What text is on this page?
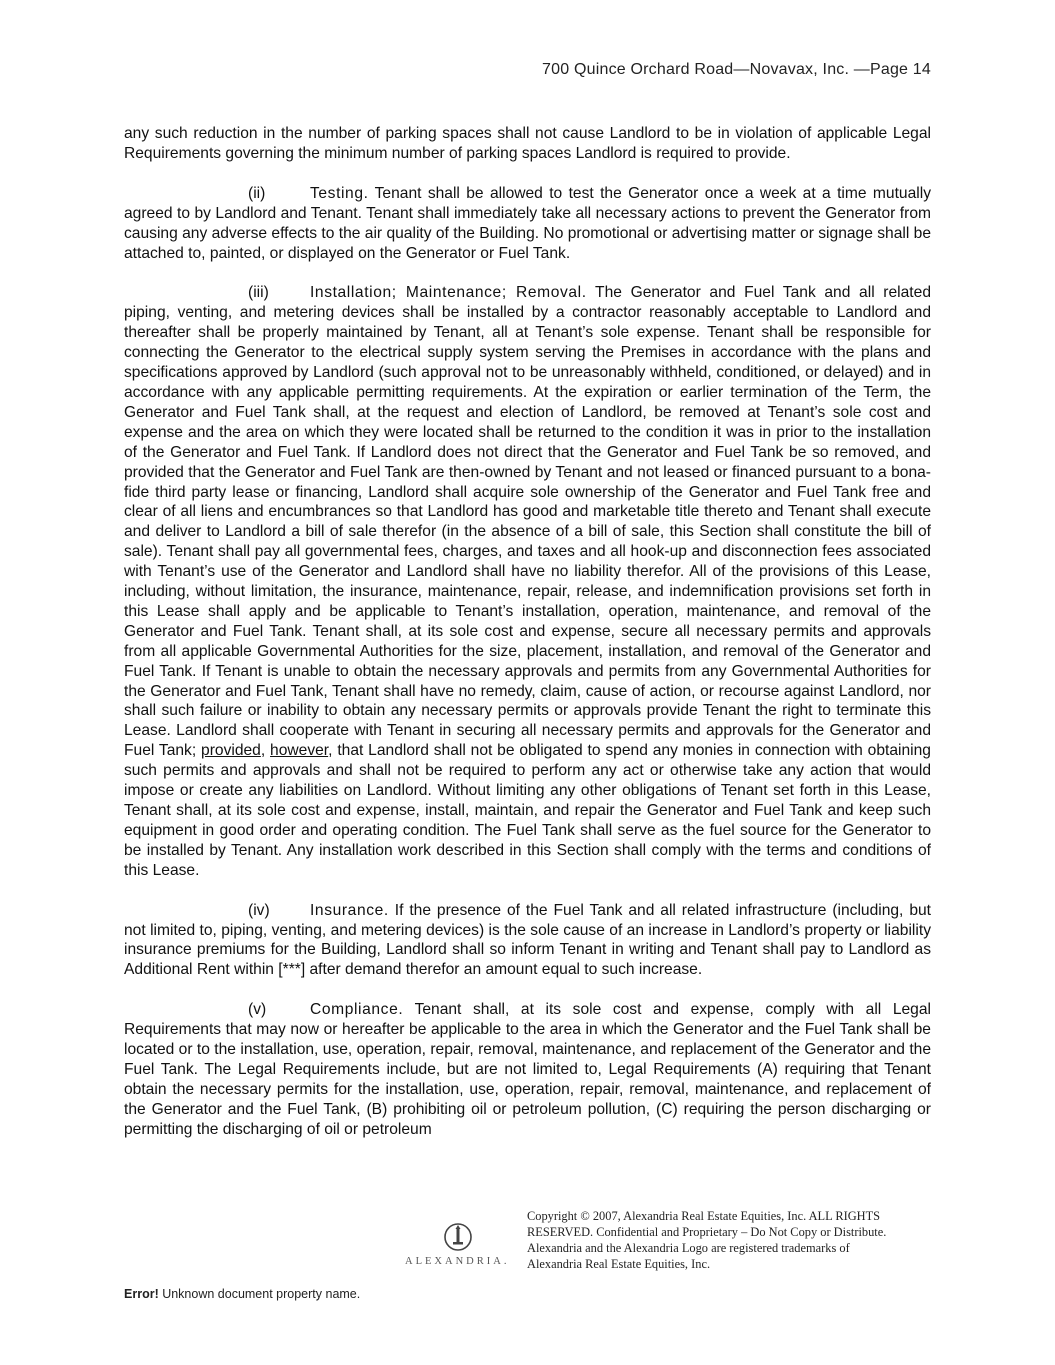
700 Quince Orchard Road—Novavax, Inc. —Page 14

any such reduction in the number of parking spaces shall not cause Landlord to be in violation of applicable Legal Requirements governing the minimum number of parking spaces Landlord is required to provide.

(ii)	Testing. Tenant shall be allowed to test the Generator once a week at a time mutually agreed to by Landlord and Tenant. Tenant shall immediately take all necessary actions to prevent the Generator from causing any adverse effects to the air quality of the Building. No promotional or advertising matter or signage shall be attached to, painted, or displayed on the Generator or Fuel Tank.

(iii)	Installation; Maintenance; Removal. The Generator and Fuel Tank and all related piping, venting, and metering devices shall be installed by a contractor reasonably acceptable to Landlord and thereafter shall be properly maintained by Tenant, all at Tenant’s sole expense. Tenant shall be responsible for connecting the Generator to the electrical supply system serving the Premises in accordance with the plans and specifications approved by Landlord (such approval not to be unreasonably withheld, conditioned, or delayed) and in accordance with any applicable permitting requirements. At the expiration or earlier termination of the Term, the Generator and Fuel Tank shall, at the request and election of Landlord, be removed at Tenant’s sole cost and expense and the area on which they were located shall be returned to the condition it was in prior to the installation of the Generator and Fuel Tank. If Landlord does not direct that the Generator and Fuel Tank be so removed, and provided that the Generator and Fuel Tank are then-owned by Tenant and not leased or financed pursuant to a bona-fide third party lease or financing, Landlord shall acquire sole ownership of the Generator and Fuel Tank free and clear of all liens and encumbrances so that Landlord has good and marketable title thereto and Tenant shall execute and deliver to Landlord a bill of sale therefor (in the absence of a bill of sale, this Section shall constitute the bill of sale). Tenant shall pay all governmental fees, charges, and taxes and all hook-up and disconnection fees associated with Tenant’s use of the Generator and Landlord shall have no liability therefor. All of the provisions of this Lease, including, without limitation, the insurance, maintenance, repair, release, and indemnification provisions set forth in this Lease shall apply and be applicable to Tenant’s installation, operation, maintenance, and removal of the Generator and Fuel Tank. Tenant shall, at its sole cost and expense, secure all necessary permits and approvals from all applicable Governmental Authorities for the size, placement, installation, and removal of the Generator and Fuel Tank. If Tenant is unable to obtain the necessary approvals and permits from any Governmental Authorities for the Generator and Fuel Tank, Tenant shall have no remedy, claim, cause of action, or recourse against Landlord, nor shall such failure or inability to obtain any necessary permits or approvals provide Tenant the right to terminate this Lease. Landlord shall cooperate with Tenant in securing all necessary permits and approvals for the Generator and Fuel Tank; provided, however, that Landlord shall not be obligated to spend any monies in connection with obtaining such permits and approvals and shall not be required to perform any act or otherwise take any action that would impose or create any liabilities on Landlord. Without limiting any other obligations of Tenant set forth in this Lease, Tenant shall, at its sole cost and expense, install, maintain, and repair the Generator and Fuel Tank and keep such equipment in good order and operating condition. The Fuel Tank shall serve as the fuel source for the Generator to be installed by Tenant. Any installation work described in this Section shall comply with the terms and conditions of this Lease.

(iv)	Insurance. If the presence of the Fuel Tank and all related infrastructure (including, but not limited to, piping, venting, and metering devices) is the sole cause of an increase in Landlord’s property or liability insurance premiums for the Building, Landlord shall so inform Tenant in writing and Tenant shall pay to Landlord as Additional Rent within [***] after demand therefor an amount equal to such increase.

(v)	Compliance. Tenant shall, at its sole cost and expense, comply with all Legal Requirements that may now or hereafter be applicable to the area in which the Generator and the Fuel Tank shall be located or to the installation, use, operation, repair, removal, maintenance, and replacement of the Generator and the Fuel Tank. The Legal Requirements include, but are not limited to, Legal Requirements (A) requiring that Tenant obtain the necessary permits for the installation, use, operation, repair, removal, maintenance, and replacement of the Generator and the Fuel Tank, (B) prohibiting oil or petroleum pollution, (C) requiring the person discharging or permitting the discharging of oil or petroleum

ALEXANDRIA.
Copyright © 2007, Alexandria Real Estate Equities, Inc. ALL RIGHTS RESERVED. Confidential and Proprietary – Do Not Copy or Distribute. Alexandria and the Alexandria Logo are registered trademarks of Alexandria Real Estate Equities, Inc.
Error! Unknown document property name.
